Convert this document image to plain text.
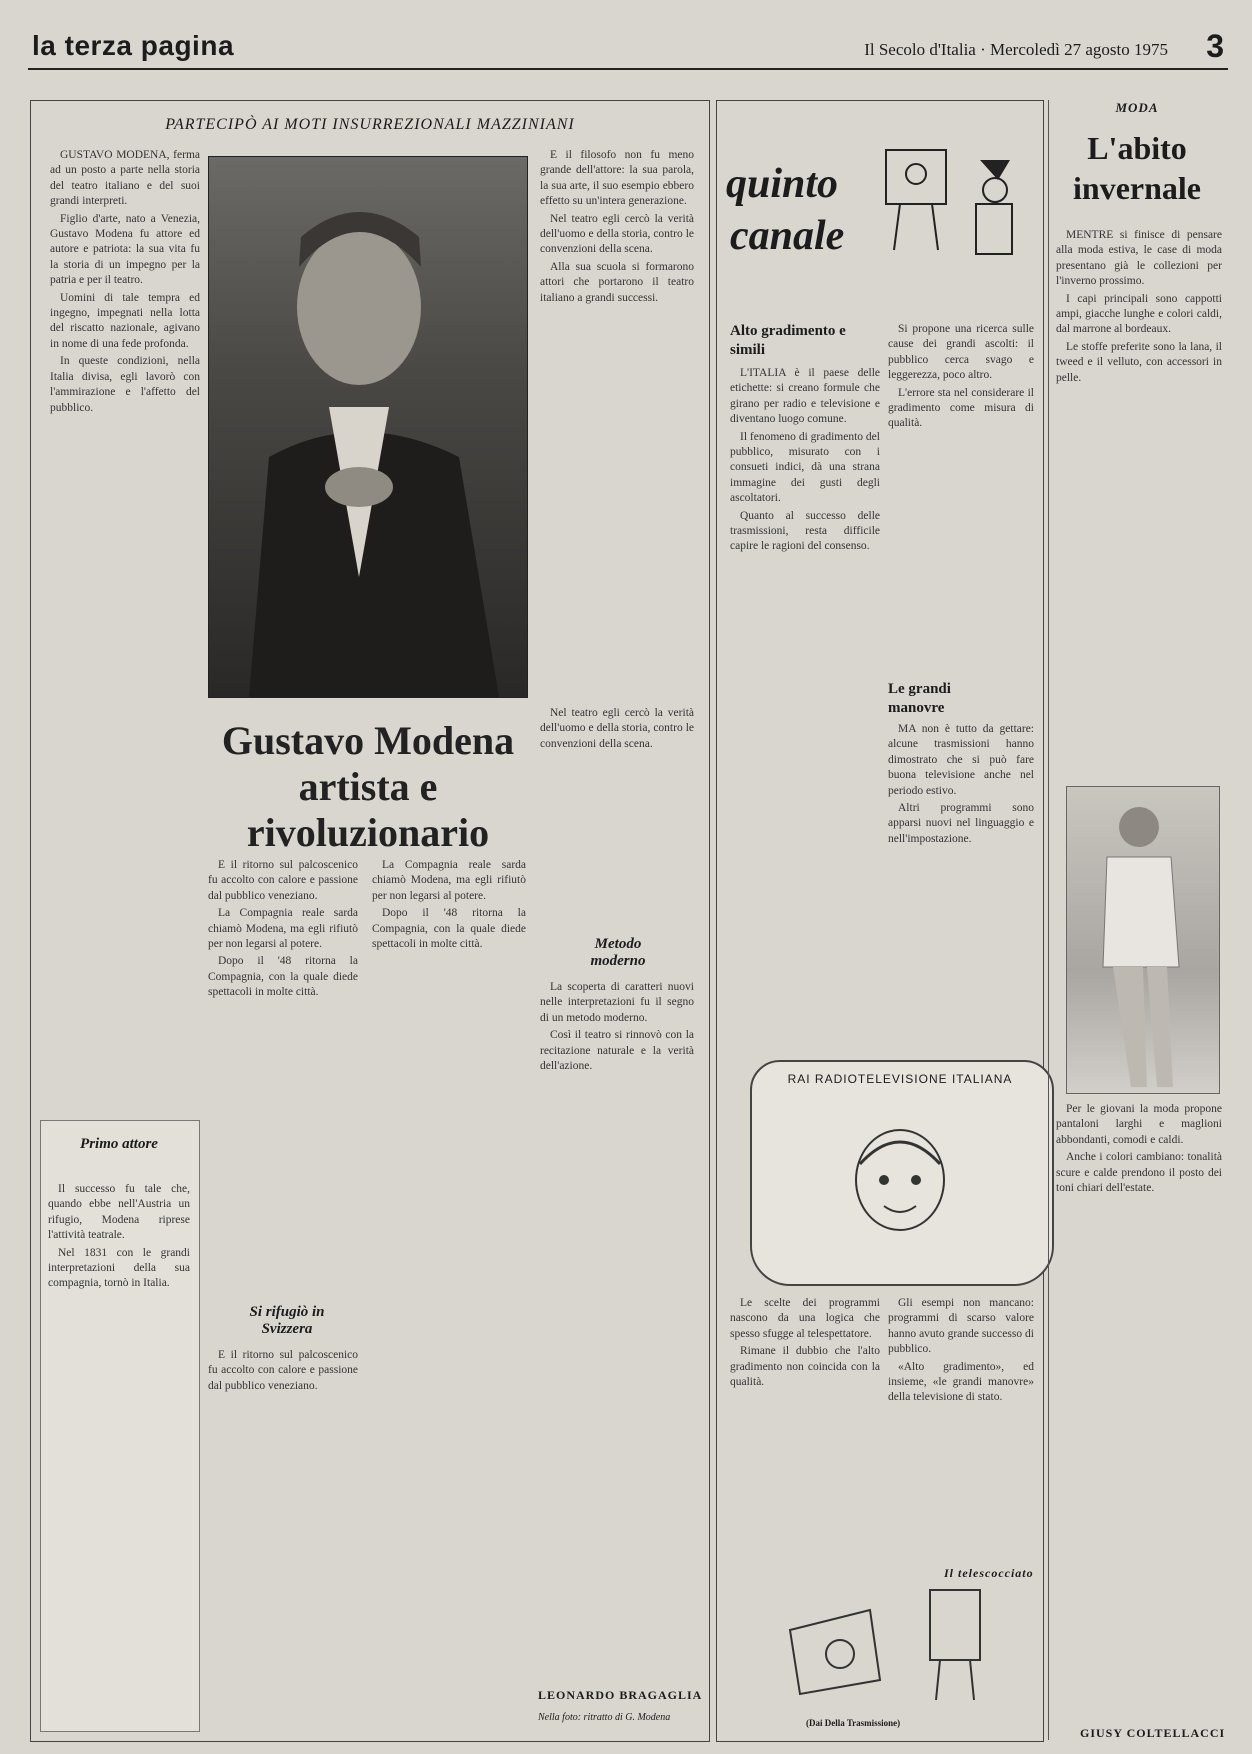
la terza pagina	Il Secolo d'Italia · Mercoledì 27 agosto 1975 3
PARTECIPÒ AI MOTI INSURREZIONALI MAZZINIANI

GUSTAVO MODENA, ferma ad un posto a parte nella storia del teatro italiano e del suoi grandi interpreti.

Figlio d'arte, nato a Venezia, Gustavo Modena fu attore ed autore e patriota: la sua vita fu la storia di un impegno per la patria e per il teatro.

Uomini di tale tempra ed ingegno, impegnati nella lotta del riscatto nazionale, agivano in nome di una fede profonda.

In queste condizioni, nella Italia divisa, egli lavorò con l'ammirazione e l'affetto del pubblico.

E il filosofo non fu meno grande dell'attore: la sua parola, la sua arte, il suo esempio ebbero effetto su un'intera generazione.

Nel teatro egli cercò la verità dell'uomo e della storia, contro le convenzioni della scena.

Alla sua scuola si formarono attori che portarono il teatro italiano a grandi successi.

Gustavo Modena artista e rivoluzionario

Nel teatro egli cercò la verità dell'uomo e della storia, contro le convenzioni della scena.

Metodo moderno

La scoperta di caratteri nuovi nelle interpretazioni fu il segno di un metodo moderno.

Così il teatro si rinnovò con la recitazione naturale e la verità dell'azione.

E il ritorno sul palcoscenico fu accolto con calore e passione dal pubblico veneziano.

La Compagnia reale sarda chiamò Modena, ma egli rifiutò per non legarsi al potere.

Dopo il '48 ritorna la Compagnia, con la quale diede spettacoli in molte città.

La Compagnia reale sarda chiamò Modena, ma egli rifiutò per non legarsi al potere.

Dopo il '48 ritorna la Compagnia, con la quale diede spettacoli in molte città.

Si rifugiò in Svizzera

E il ritorno sul palcoscenico fu accolto con calore e passione dal pubblico veneziano.

Primo attore

Il successo fu tale che, quando ebbe nell'Austria un rifugio, Modena riprese l'attività teatrale.

Nel 1831 con le grandi interpretazioni della sua compagnia, tornò in Italia.

LEONARDO BRAGAGLIA
Nella foto: ritratto di G. Modena
quinto
canale
Alto gradimento e simili

L'ITALIA è il paese delle etichette: si creano formule che girano per radio e televisione e diventano luogo comune.

Il fenomeno di gradimento del pubblico, misurato con i consueti indici, dà una strana immagine dei gusti degli ascoltatori.

Quanto al successo delle trasmissioni, resta difficile capire le ragioni del consenso.

Si propone una ricerca sulle cause dei grandi ascolti: il pubblico cerca svago e leggerezza, poco altro.

L'errore sta nel considerare il gradimento come misura di qualità.

Le grandi manovre

MA non è tutto da gettare: alcune trasmissioni hanno dimostrato che si può fare buona televisione anche nel periodo estivo.

Altri programmi sono apparsi nuovi nel linguaggio e nell'impostazione.

RAI RADIOTELEVISIONE ITALIANA

Le scelte dei programmi nascono da una logica che spesso sfugge al telespettatore.

Rimane il dubbio che l'alto gradimento non coincida con la qualità.

Gli esempi non mancano: programmi di scarso valore hanno avuto grande successo di pubblico.

«Alto gradimento», ed insieme, «le grandi manovre» della televisione di stato.

Il telescocciato
(Dai Della Trasmissione)
MODA
L'abito invernale

MENTRE si finisce di pensare alla moda estiva, le case di moda presentano già le collezioni per l'inverno prossimo.

I capi principali sono cappotti ampi, giacche lunghe e colori caldi, dal marrone al bordeaux.

Le stoffe preferite sono la lana, il tweed e il velluto, con accessori in pelle.

Per le giovani la moda propone pantaloni larghi e maglioni abbondanti, comodi e caldi.

Anche i colori cambiano: tonalità scure e calde prendono il posto dei toni chiari dell'estate.

GIUSY COLTELLACCI
